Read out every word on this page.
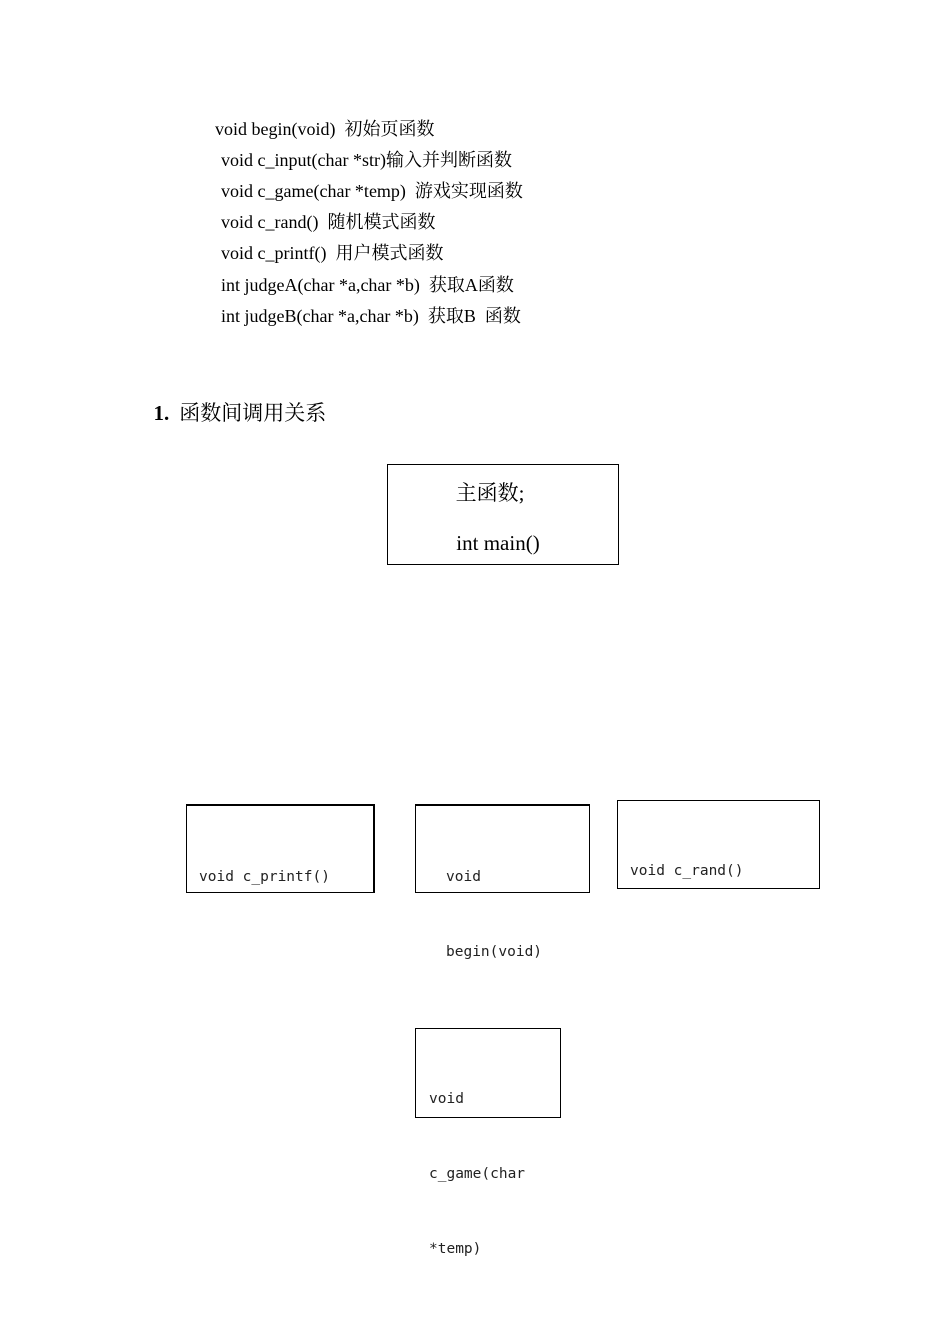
void begin(void)  初始页函数
void c_input(char *str)输入并判断函数
void c_game(char *temp)  游戏实现函数
void c_rand()  随机模式函数
void c_printf()  用户模式函数
int judgeA(char *a,char *b)  获取A函数
int judgeB(char *a,char *b)  获取B  函数

1. 函数间调用关系

主函数;
int main()

void c_printf()

	void

begin(void)

void c_rand()

void

c_game(char

*temp)
